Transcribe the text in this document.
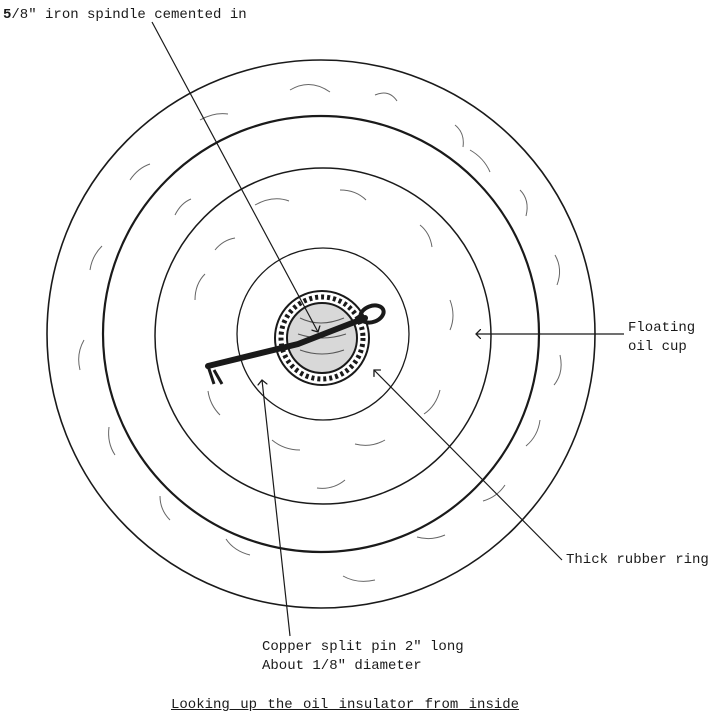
5/8" iron spindle cemented in
Floating
oil cup
Thick rubber ring
Copper split pin 2" long
About 1/8" diameter
Looking up the oil insulator from inside
